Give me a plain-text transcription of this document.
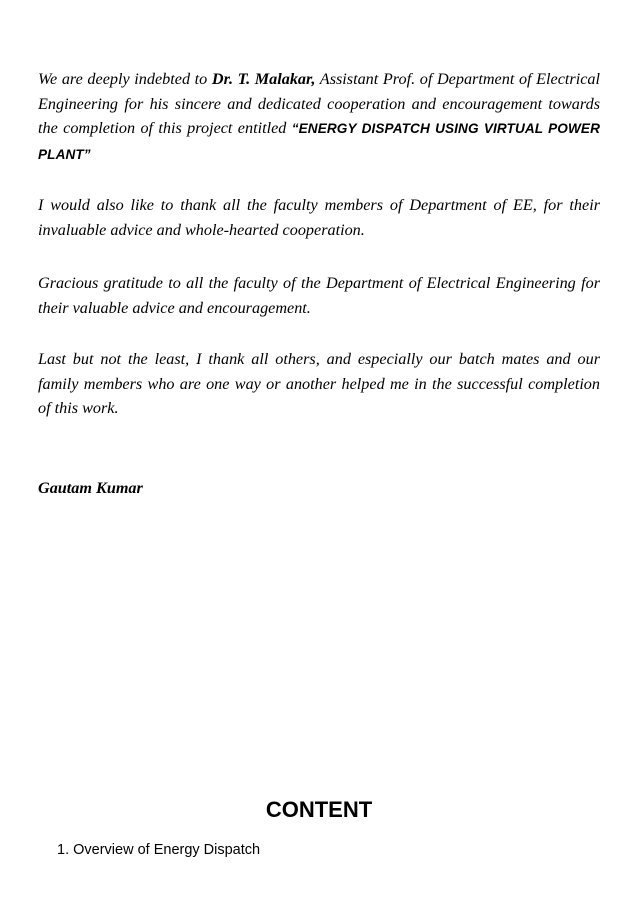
We are deeply indebted to Dr. T. Malakar, Assistant Prof. of Department of Electrical Engineering for his sincere and dedicated cooperation and encouragement towards the completion of this project entitled “ENERGY DISPATCH USING VIRTUAL POWER PLANT”

I would also like to thank all the faculty members of Department of EE, for their invaluable advice and whole-hearted cooperation.

Gracious gratitude to all the faculty of the Department of Electrical Engineering for their valuable advice and encouragement.

Last but not the least, I thank all others, and especially our batch mates and our family members who are one way or another helped me in the successful completion of this work.

Gautam Kumar

CONTENT

1. Overview of Energy Dispatch
